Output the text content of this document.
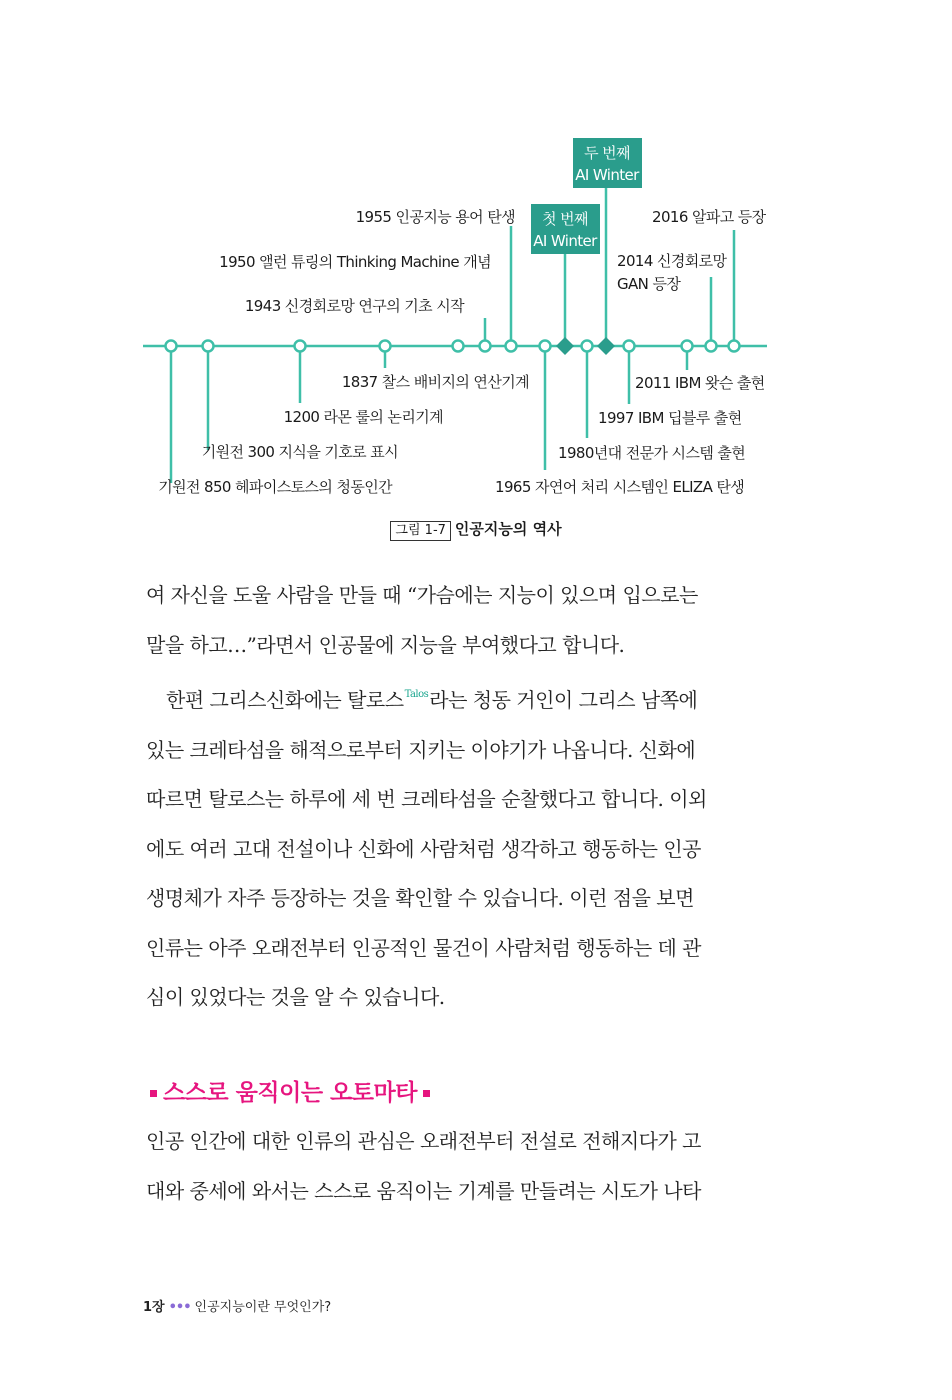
첫 번째
AI Winter
두 번째
AI Winter
1955 인공지능 용어 탄생
1950 앨런 튜링의 Thinking Machine 개념
1943 신경회로망 연구의 기초 시작
2016 알파고 등장
2014 신경회로망
GAN 등장
1837 찰스 배비지의 연산기계
1200 라몬 룰의 논리기계
기원전 300 지식을 기호로 표시
기원전 850 헤파이스토스의 청동인간
2011 IBM 왓슨 출현
1997 IBM 딥블루 출현
1980년대 전문가 시스템 출현
1965 자연어 처리 시스템인 ELIZA 탄생
그림 1-7 인공지능의 역사

여 자신을 도울 사람을 만들 때 “가슴에는 지능이 있으며 입으로는

말을 하고…”라면서 인공물에 지능을 부여했다고 합니다.

한편 그리스신화에는 탈로스$^{Talos}$라는 청동 거인이 그리스 남쪽에

있는 크레타섬을 해적으로부터 지키는 이야기가 나옵니다. 신화에

따르면 탈로스는 하루에 세 번 크레타섬을 순찰했다고 합니다. 이외

에도 여러 고대 전설이나 신화에 사람처럼 생각하고 행동하는 인공

생명체가 자주 등장하는 것을 확인할 수 있습니다. 이런 점을 보면

인류는 아주 오래전부터 인공적인 물건이 사람처럼 행동하는 데 관

심이 있었다는 것을 알 수 있습니다.

스스로 움직이는 오토마타

인공 인간에 대한 인류의 관심은 오래전부터 전설로 전해지다가 고

대와 중세에 와서는 스스로 움직이는 기계를 만들려는 시도가 나타

1장 ••• 인공지능이란 무엇인가?
